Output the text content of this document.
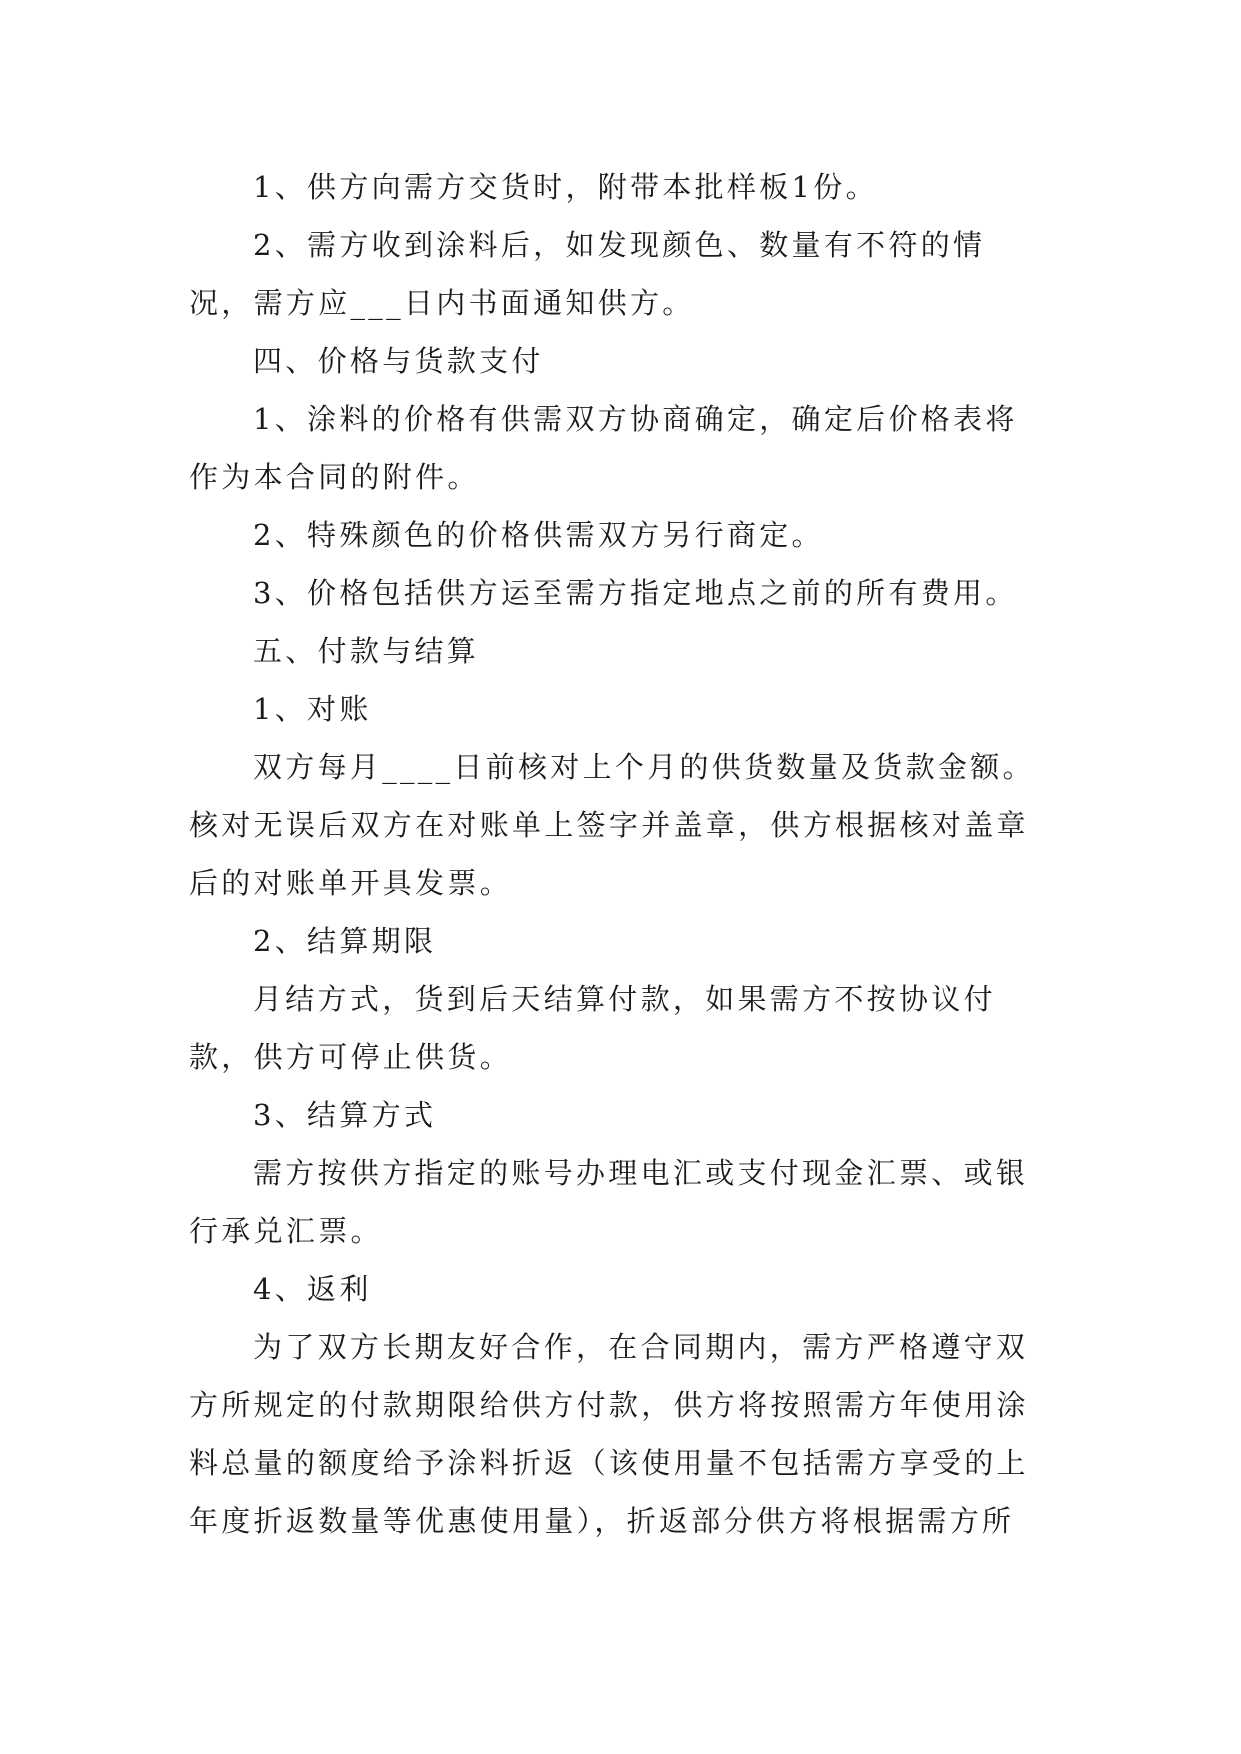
1、供方向需方交货时，附带本批样板1份。

2、需方收到涂料后，如发现颜色、数量有不符的情况，需方应___日内书面通知供方。

四、价格与货款支付

1、涂料的价格有供需双方协商确定，确定后价格表将作为本合同的附件。

2、特殊颜色的价格供需双方另行商定。

3、价格包括供方运至需方指定地点之前的所有费用。

五、付款与结算

1、对账

双方每月____日前核对上个月的供货数量及货款金额。核对无误后双方在对账单上签字并盖章，供方根据核对盖章后的对账单开具发票。

2、结算期限

月结方式，货到后天结算付款，如果需方不按协议付款，供方可停止供货。

3、结算方式

需方按供方指定的账号办理电汇或支付现金汇票、或银行承兑汇票。

4、返利

为了双方长期友好合作，在合同期内，需方严格遵守双方所规定的付款期限给供方付款，供方将按照需方年使用涂料总量的额度给予涂料折返（该使用量不包括需方享受的上年度折返数量等优惠使用量），折返部分供方将根据需方所
